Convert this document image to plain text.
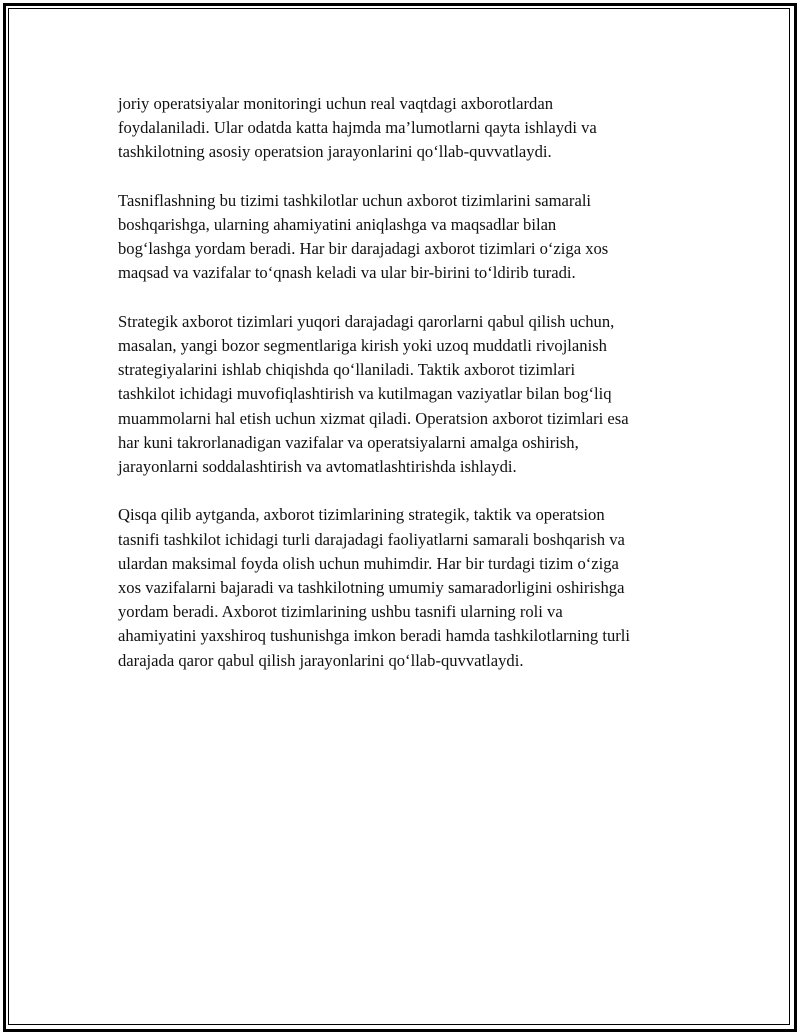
joriy operatsiyalar monitoringi uchun real vaqtdagi axborotlardan
foydalaniladi. Ular odatda katta hajmda ma’lumotlarni qayta ishlaydi va
tashkilotning asosiy operatsion jarayonlarini qo‘llab-quvvatlaydi.

Tasniflashning bu tizimi tashkilotlar uchun axborot tizimlarini samarali
boshqarishga, ularning ahamiyatini aniqlashga va maqsadlar bilan
bog‘lashga yordam beradi. Har bir darajadagi axborot tizimlari o‘ziga xos
maqsad va vazifalar to‘qnash keladi va ular bir-birini to‘ldirib turadi.

Strategik axborot tizimlari yuqori darajadagi qarorlarni qabul qilish uchun,
masalan, yangi bozor segmentlariga kirish yoki uzoq muddatli rivojlanish
strategiyalarini ishlab chiqishda qo‘llaniladi. Taktik axborot tizimlari
tashkilot ichidagi muvofiqlashtirish va kutilmagan vaziyatlar bilan bog‘liq
muammolarni hal etish uchun xizmat qiladi. Operatsion axborot tizimlari esa
har kuni takrorlanadigan vazifalar va operatsiyalarni amalga oshirish,
jarayonlarni soddalashtirish va avtomatlashtirishda ishlaydi.

Qisqa qilib aytganda, axborot tizimlarining strategik, taktik va operatsion
tasnifi tashkilot ichidagi turli darajadagi faoliyatlarni samarali boshqarish va
ulardan maksimal foyda olish uchun muhimdir. Har bir turdagi tizim o‘ziga
xos vazifalarni bajaradi va tashkilotning umumiy samaradorligini oshirishga
yordam beradi. Axborot tizimlarining ushbu tasnifi ularning roli va
ahamiyatini yaxshiroq tushunishga imkon beradi hamda tashkilotlarning turli
darajada qaror qabul qilish jarayonlarini qo‘llab-quvvatlaydi.
